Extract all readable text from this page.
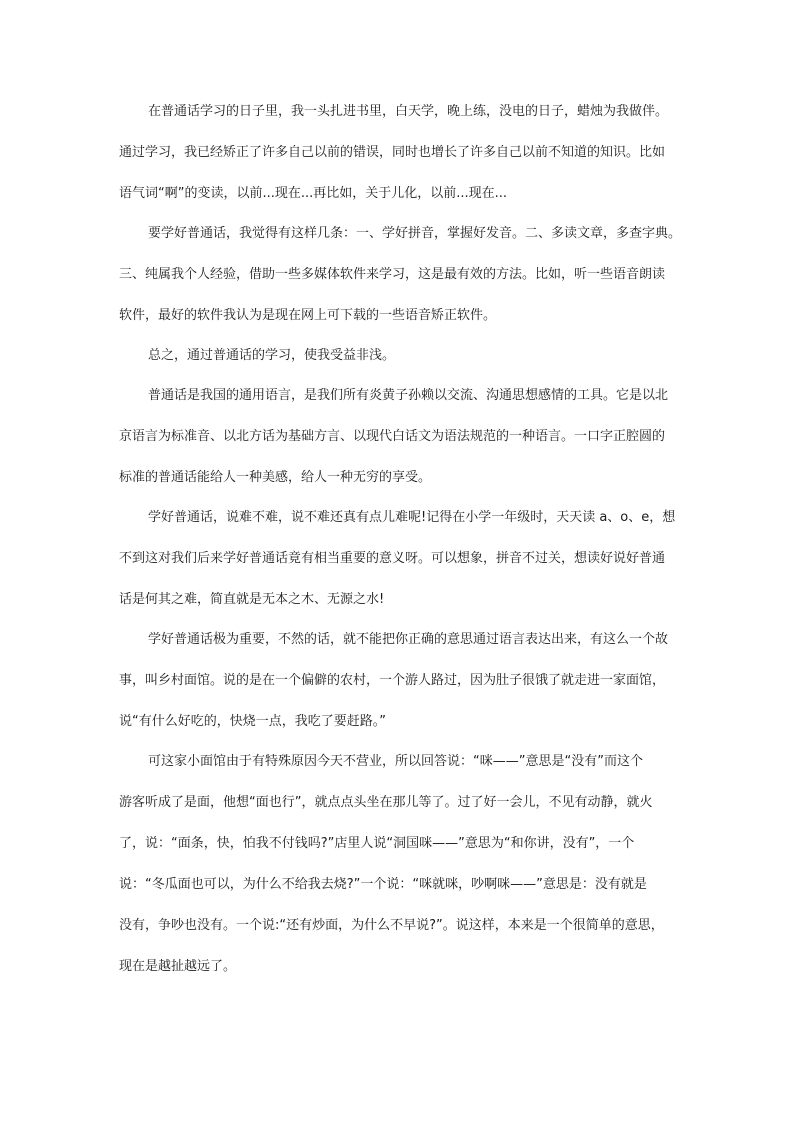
在普通话学习的日子里，我一头扎进书里，白天学，晚上练，没电的日子，蜡烛为我做伴。
通过学习，我已经矫正了许多自己以前的错误，同时也增长了许多自己以前不知道的知识。比如
语气词“啊”的变读，以前...现在...再比如，关于儿化，以前...现在...
要学好普通话，我觉得有这样几条：一、学好拼音，掌握好发音。二、多读文章，多查字典。
三、纯属我个人经验，借助一些多媒体软件来学习，这是最有效的方法。比如，听一些语音朗读
软件，最好的软件我认为是现在网上可下载的一些语音矫正软件。
总之，通过普通话的学习，使我受益非浅。
普通话是我国的通用语言，是我们所有炎黄子孙赖以交流、沟通思想感情的工具。它是以北
京语言为标准音、以北方话为基础方言、以现代白话文为语法规范的一种语言。一口字正腔圆的
标准的普通话能给人一种美感，给人一种无穷的享受。
学好普通话，说难不难，说不难还真有点儿难呢!记得在小学一年级时，天天读 a、o、e，想
不到这对我们后来学好普通话竟有相当重要的意义呀。可以想象，拼音不过关，想读好说好普通
话是何其之难，简直就是无本之木、无源之水!
学好普通话极为重要，不然的话，就不能把你正确的意思通过语言表达出来，有这么一个故
事，叫乡村面馆。说的是在一个偏僻的农村，一个游人路过，因为肚子很饿了就走进一家面馆，
说“有什么好吃的，快烧一点，我吃了要赶路。”
可这家小面馆由于有特殊原因今天不营业，所以回答说：“咪——”意思是“没有”而这个
游客听成了是面，他想“面也行”，就点点头坐在那儿等了。过了好一会儿，不见有动静，就火
了，说：“面条，快，怕我不付钱吗?”店里人说“洞国咪——”意思为“和你讲，没有”，一个
说：“冬瓜面也可以，为什么不给我去烧?”一个说：“咪就咪，吵啊咪——”意思是：没有就是
没有，争吵也没有。一个说:“还有炒面，为什么不早说?”。说这样，本来是一个很简单的意思，
现在是越扯越远了。
